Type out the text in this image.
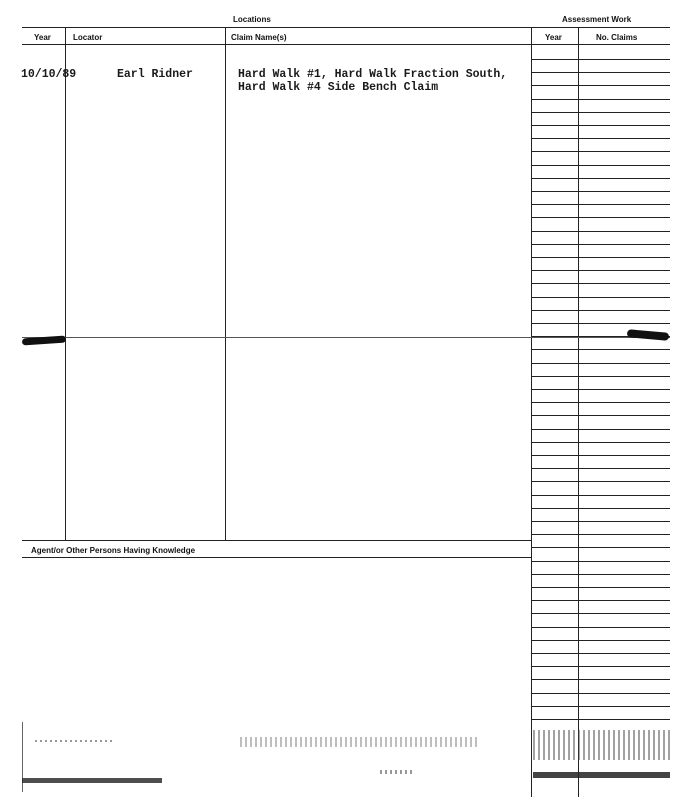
Locations	Assessment Work
Year	Locator	Claim Name(s)	Year	No. Claims
10/10/89	Earl Ridner	Hard Walk #1, Hard Walk Fraction South,
Hard Walk #4 Side Bench Claim
Agent/or Other Persons Having Knowledge
